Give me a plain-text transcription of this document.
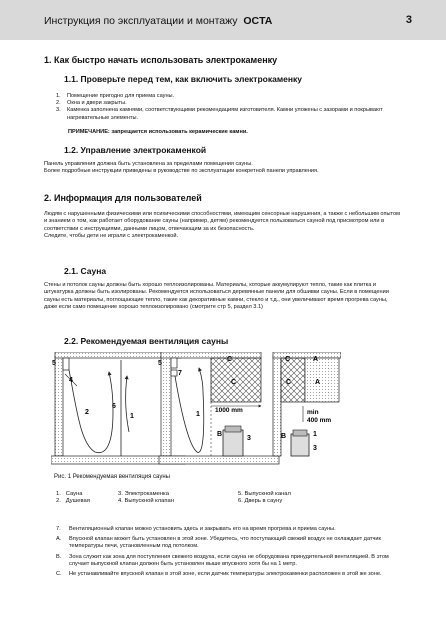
Инструкция по эксплуатации и монтажу OCTA	3
1. Как быстро начать использовать электрокаменку
1.1. Проверьте перед тем, как включить электрокаменку
1.	Помещение пригодно для приема сауны.
2.	Окна и двери закрыты.
3.	Каменка заполнена камнями, соответствующими рекомендациям изготовителя. Камни уложены с зазорами и покрывают нагревательные элементы.
ПРИМЕЧАНИЕ: запрещается использовать керамические камни.
1.2. Управление электрокаменкой
Панель управления должна быть установлена за пределами помещения сауны.
Более подробные инструкции приведены в руководстве по эксплуатации конкретной панели управления.
2. Информация для пользователей
Людям с нарушенными физическими или психическими способностями, имеющим сенсорные нарушения, а также с небольшим опытом и знанием о том, как работает оборудование сауны (например, детям) рекомендуется пользоваться сауной под присмотром или в соответствии с инструкциями, данными лицом, отвечающим за их безопасность.
Следите, чтобы дети не играли с электрокаменкой.
2.1. Сауна
Стены и потолок сауны должны быть хорошо теплоизолированы. Материалы, которые аккумулируют тепло, такие как плитка и штукатурка должны быть изолированы. Рекомендуется использоваться деревянные панели для обшивки сауны. Если в помещении сауны есть материалы, поглощающие тепло, такие как декоративные камни, стекло и т.д., они увеличивают время прогрева сауны, даже если само помещение хорошо теплоизолировано (смотрите стр 5, раздел 3.1)
2.2. Рекомендуемая вентиляция сауны
5
4
2
6
1
5
7
1
C
C
1000 mm
B
3
C	A
C	A
min
400 mm
1
B
3
Рис. 1 Рекомендуемая вентиляция сауны
1. Сауна
2. Душевая
3. Электрокаменка
4. Выпускной клапан
5. Выпускной канал
6. Дверь в сауну
7.	Вентиляционный клапан можно установить здесь и закрывать его на время прогрева и приема сауны.
A.	Впускной клапан может быть установлен в этой зоне. Убедитесь, что поступающий свежий воздух не охлаждает датчик температуры печи, установленным под потолком.
B.	Зона служит как зона для поступления свежего воздуха, если сауна не оборудована принудительной вентиляцией. В этом случает выпускной клапан должен быть установлен выше впускного хотя бы на 1 метр.
C.	Не устанавливайте впускной клапан в этой зоне, если датчик температуры электрокаменки расположен в этой же зоне.
